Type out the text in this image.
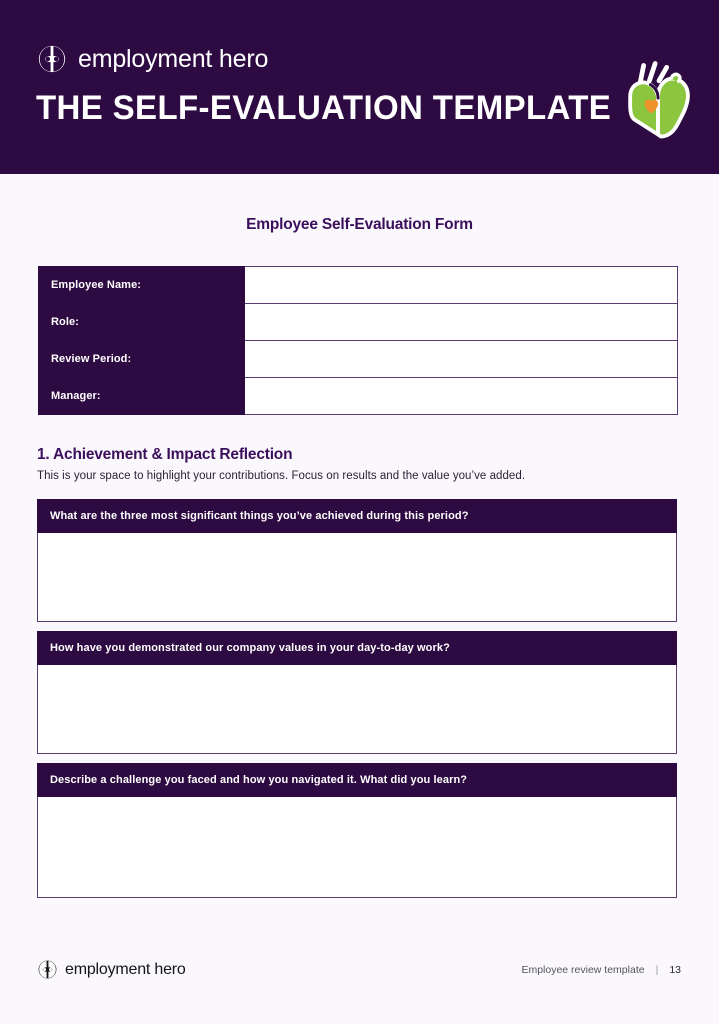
employment hero
THE SELF-EVALUATION TEMPLATE
Employee Self-Evaluation Form
Employee Name:	
Role:	
Review Period:	
Manager:	
1. Achievement & Impact Reflection
This is your space to highlight your contributions. Focus on results and the value you’ve added.
What are the three most significant things you’ve achieved during this period?
How have you demonstrated our company values in your day-to-day work?
Describe a challenge you faced and how you navigated it. What did you learn?
employment hero	Employee review template | 13
